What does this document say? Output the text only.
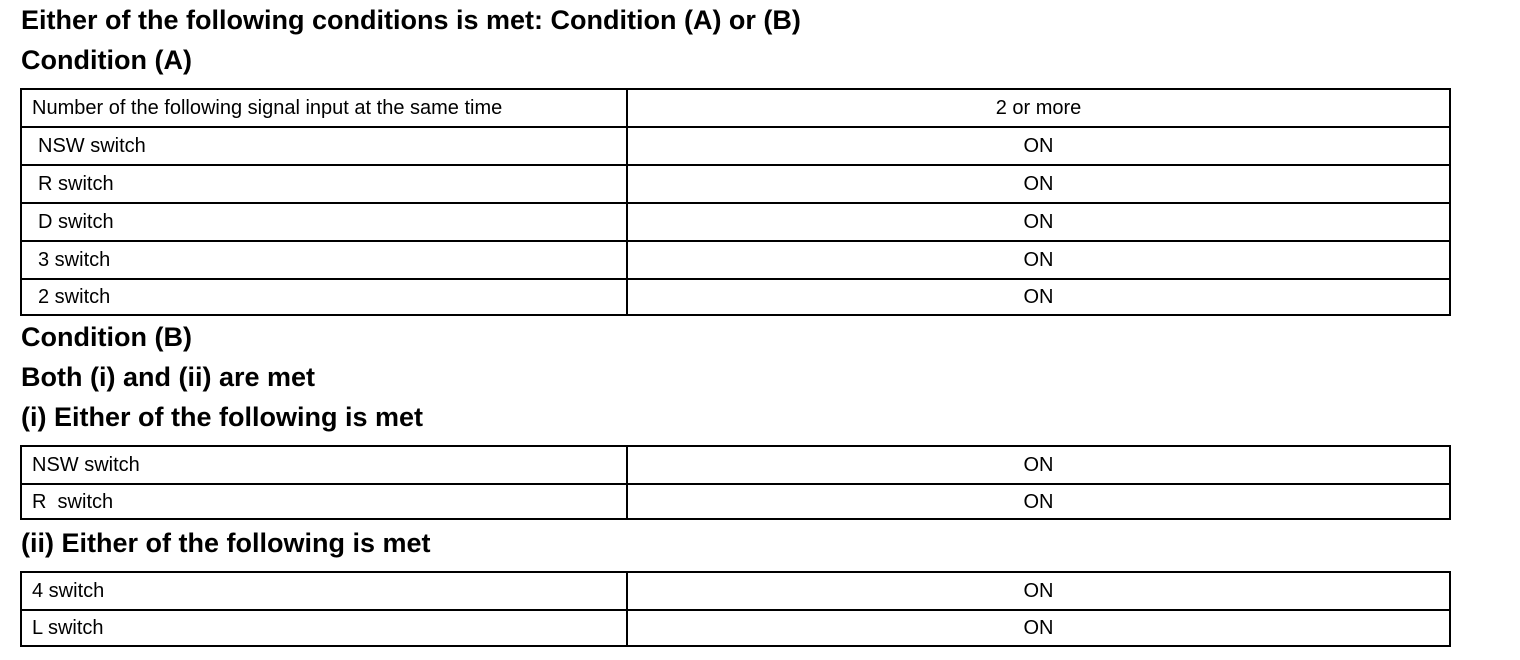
Either of the following conditions is met: Condition (A) or (B)
Condition (A)
Number of the following signal input at the same time	2 or more
NSW switch	ON
R switch	ON
D switch	ON
3 switch	ON
2 switch	ON
Condition (B)
Both (i) and (ii) are met
(i) Either of the following is met
NSW switch	ON
R  switch	ON
(ii) Either of the following is met
4 switch	ON
L switch	ON
